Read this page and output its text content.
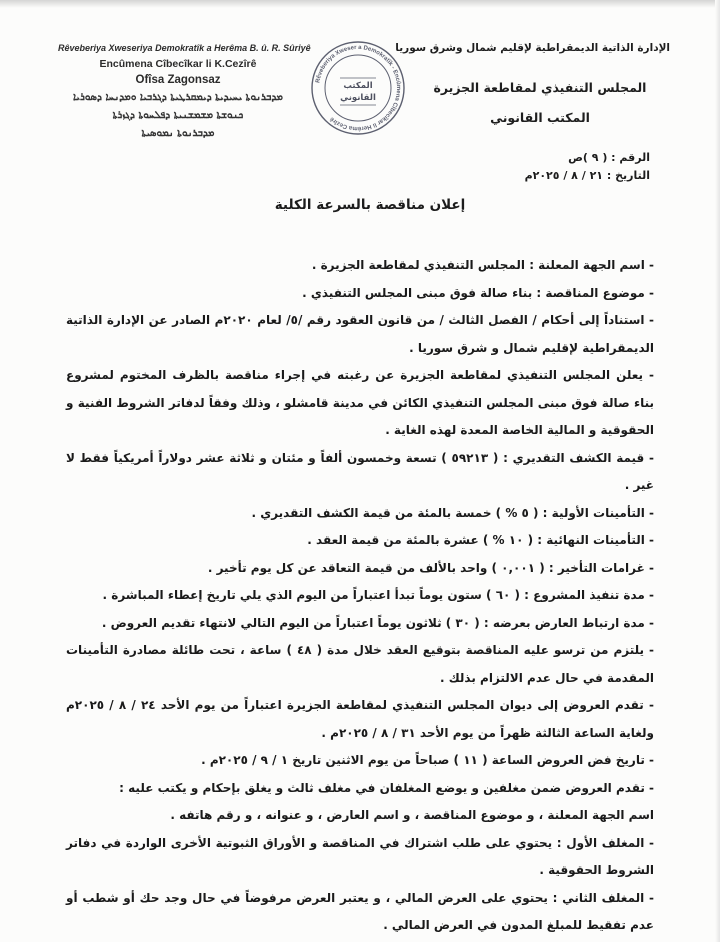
Rêveberiya Xweseriya Demokratîk a Herêma B. û. R. Sûriyê
Encûmena Cîbecîkar li K.Cezîrê
Ofîsa Zagonsaz
ܡܕܒܪܢܘܬܐ ܝܚܝܕܝܬܐ ܕܝܡܩܪܛܝܬܐ ܕܓܪܒܝܐ ܘܡܕܢܚܐ ܕܣܘܪܝܐ
ܟܢܘܫܬܐ ܡܫܡܫܢܝܬܐ ܕܦܠܚܘܬܐ ܕܓܙܪܬܐ
ܡܕܒܪܢܘܬܐ ܢܡܘܣܝܬܐ
Rêveberiya Xweser a Demokratîk - Encûmena Cîbecîkar li Herêma Cezîrê
المكتب
القانوني
الإدارة الذاتية الديمقراطية لإقليم شمال وشرق سوريا
المجلس التنفيذي لمقاطعة الجزيرة
المكتب القانوني
الرقم : ( ٩ )ص
التاريخ : ٢١ / ٨ / ٢٠٢٥م
إعلان مناقصة بالسرعة الكلية

- اسم الجهة المعلنة : المجلس التنفيذي لمقاطعة الجزيرة .

- موضوع المناقصة : بناء صالة فوق مبنى المجلس التنفيذي .

- استناداً إلى أحكام / الفصل الثالث / من قانون العقود رقم /٥/ لعام ٢٠٢٠م الصادر عن الإدارة الذاتية الديمقراطية لإقليم شمال و شرق سوريا .

- يعلن المجلس التنفيذي لمقاطعة الجزيرة عن رغبته في إجراء مناقصة بالظرف المختوم لمشروع بناء صالة فوق مبنى المجلس التنفيذي الكائن في مدينة قامشلو ، وذلك وفقاً لدفاتر الشروط الفنية و الحقوقية و المالية الخاصة المعدة لهذه الغاية .

- قيمة الكشف التقديري : ( ٥٩٢١٣ ) تسعة وخمسون ألفاً و مئتان و ثلاثة عشر دولاراً أمريكياً فقط لا غير .

- التأمينات الأولية : ( ٥ % ) خمسة بالمئة من قيمة الكشف التقديري .

- التأمينات النهائية : ( ١٠ % ) عشرة بالمئة من قيمة العقد .

- غرامات التأخير : ( ٠,٠٠١ ) واحد بالألف من قيمة التعاقد عن كل يوم تأخير .

- مدة تنفيذ المشروع : ( ٦٠ ) ستون يوماً تبدأ اعتباراً من اليوم الذي يلي تاريخ إعطاء المباشرة .

- مدة ارتباط العارض بعرضه : ( ٣٠ ) ثلاثون يوماً اعتباراً من اليوم التالي لانتهاء تقديم العروض .

- يلتزم من ترسو عليه المناقصة بتوقيع العقد خلال مدة ( ٤٨ ) ساعة ، تحت طائلة مصادرة التأمينات المقدمة في حال عدم الالتزام بذلك .

- تقدم العروض إلى ديوان المجلس التنفيذي لمقاطعة الجزيرة اعتباراً من يوم الأحد ٢٤ / ٨ / ٢٠٢٥م ولغاية الساعة الثالثة ظهراً من يوم الأحد ٣١ / ٨ / ٢٠٢٥م .

- تاريخ فض العروض الساعة ( ١١ ) صباحاً من يوم الاثنين تاريخ ١ / ٩ / ٢٠٢٥م .

- تقدم العروض ضمن مغلفين و يوضع المغلفان في مغلف ثالث و يغلق بإحكام و يكتب عليه :

اسم الجهة المعلنة ، و موضوع المناقصة ، و اسم العارض ، و عنوانه ، و رقم هاتفه .

- المغلف الأول : يحتوي على طلب اشتراك في المناقصة و الأوراق الثبوتية الأخرى الواردة في دفاتر الشروط الحقوقية .

- المغلف الثاني : يحتوي على العرض المالي ، و يعتبر العرض مرفوضاً في حال وجد حك أو شطب أو عدم تفقيط للمبلغ المدون في العرض المالي .
